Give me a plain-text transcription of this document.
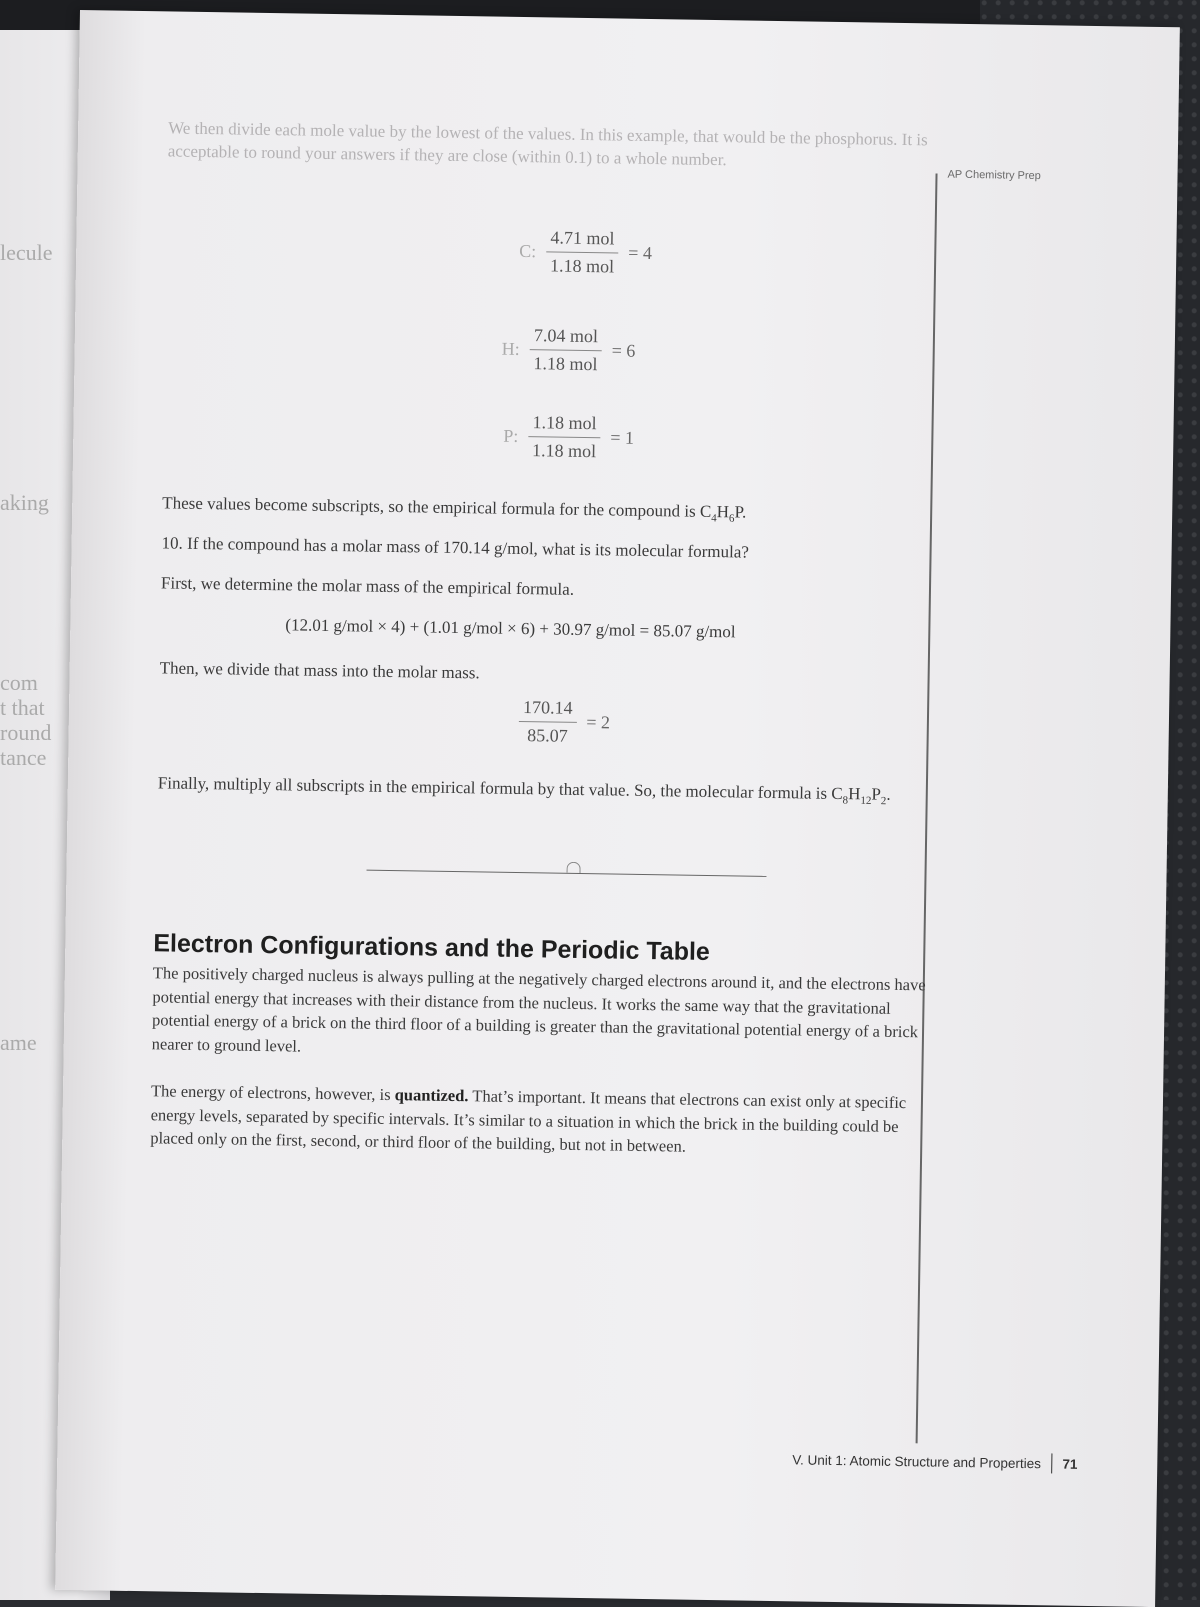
lecule
aking
com
t that
round
tance
ame
AP Chemistry Prep
We then divide each mole value by the lowest of the values. In this example, that would be the phosphorus. It is acceptable to round your answers if they are close (within 0.1) to a whole number.
C: $\frac{\text{4.71 mol}}{\text{1.18 mol}} = 4$
H: $\frac{\text{7.04 mol}}{\text{1.18 mol}} = 6$
P: $\frac{\text{1.18 mol}}{\text{1.18 mol}} = 1$
These values become subscripts, so the empirical formula for the compound is $C_4H_6P$.
10. If the compound has a molar mass of 170.14 g/mol, what is its molecular formula?
First, we determine the molar mass of the empirical formula.
(12.01 g/mol × 4) + (1.01 g/mol × 6) + 30.97 g/mol = 85.07 g/mol
Then, we divide that mass into the molar mass.
$\frac{170.14}{85.07} = 2$
Finally, multiply all subscripts in the empirical formula by that value. So, the molecular formula is $C_8H_{12}P_2$.
Electron Configurations and the Periodic Table
The positively charged nucleus is always pulling at the negatively charged electrons around it, and the electrons have potential energy that increases with their distance from the nucleus. It works the same way that the gravitational potential energy of a brick on the third floor of a building is greater than the gravitational potential energy of a brick nearer to ground level.
The energy of electrons, however, is quantized. That’s important. It means that electrons can exist only at specific energy levels, separated by specific intervals. It’s similar to a situation in which the brick in the building could be placed only on the first, second, or third floor of the building, but not in between.
V. Unit 1: Atomic Structure and Properties 71
